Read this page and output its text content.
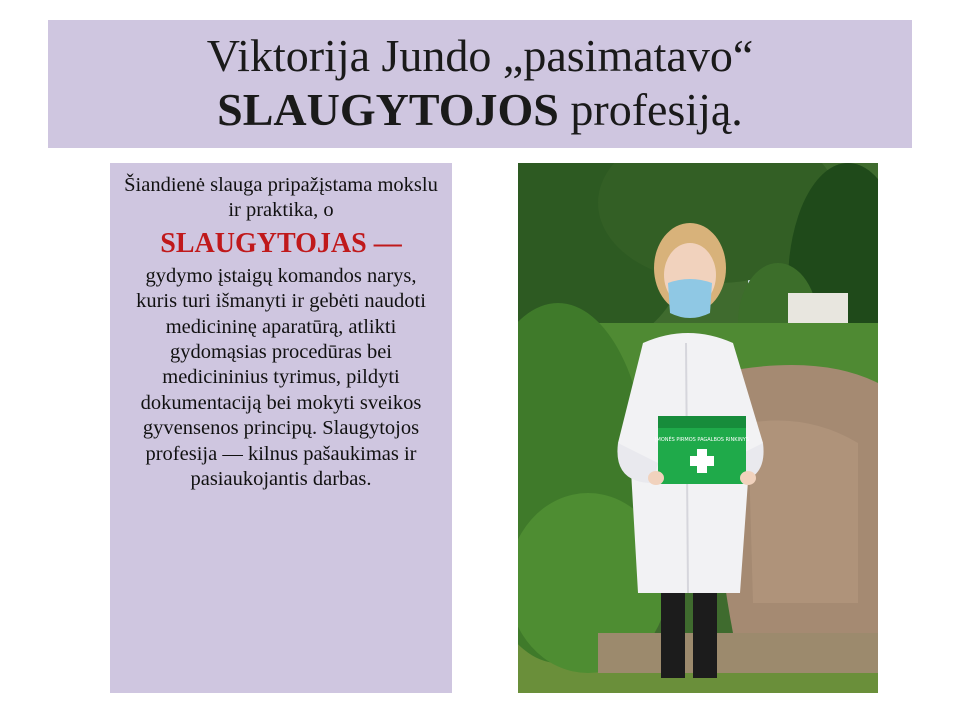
Viktorija Jundo „pasimatavo“
SLAUGYTOJOS profesiją.

Šiandienė slauga pripažįstama mokslu ir praktika, o

SLAUGYTOJAS —

gydymo įstaigų komandos narys, kuris turi išmanyti ir gebėti naudoti medicininę aparatūrą, atlikti gydomąsias procedūras bei medicininius tyrimus, pildyti dokumentaciją bei mokyti sveikos gyvensenos principų. Slaugytojos profesija — kilnus pašaukimas ir pasiaukojantis darbas.

ĮMONĖS PIRMOS PAGALBOS RINKINYS
